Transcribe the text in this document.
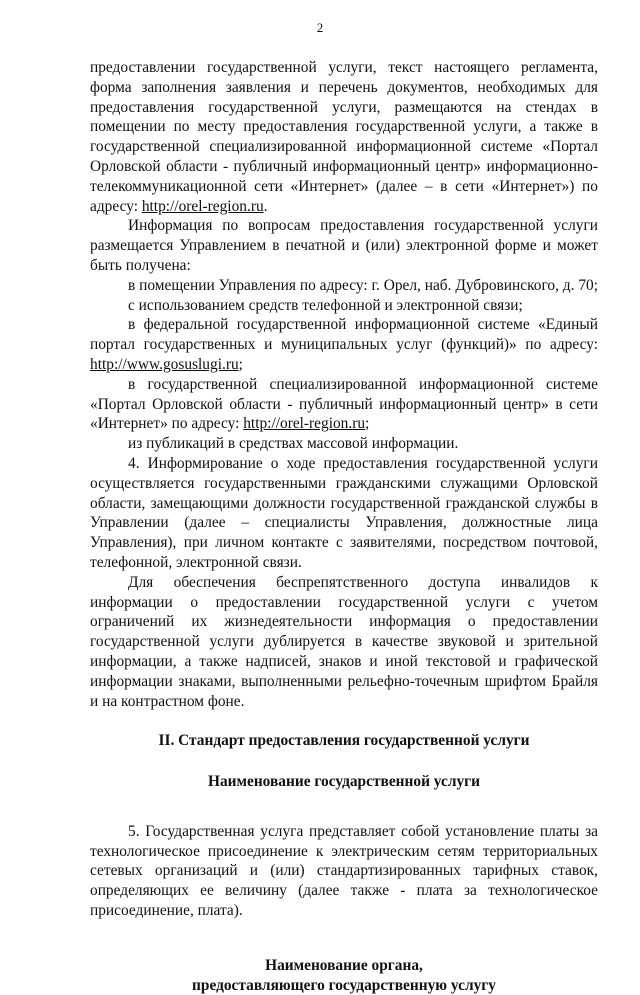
2

предоставлении государственной услуги, текст настоящего регламента, форма заполнения заявления и перечень документов, необходимых для предоставления государственной услуги, размещаются на стендах в помещении по месту предоставления государственной услуги, а также в государственной специализированной информационной системе «Портал Орловской области - публичный информационный центр» информационно-телекоммуникационной сети «Интернет» (далее – в сети «Интернет») по адресу: http://orel-region.ru.

Информация по вопросам предоставления государственной услуги размещается Управлением в печатной и (или) электронной форме и может быть получена:

в помещении Управления по адресу: г. Орел, наб. Дубровинского, д. 70;

с использованием средств телефонной и электронной связи;

в федеральной государственной информационной системе «Единый портал государственных и муниципальных услуг (функций)» по адресу: http://www.gosuslugi.ru;

в государственной специализированной информационной системе «Портал Орловской области - публичный информационный центр» в сети «Интернет» по адресу: http://orel-region.ru;

из публикаций в средствах массовой информации.

4. Информирование о ходе предоставления государственной услуги осуществляется государственными гражданскими служащими Орловской области, замещающими должности государственной гражданской службы в Управлении (далее – специалисты Управления, должностные лица Управления), при личном контакте с заявителями, посредством почтовой, телефонной, электронной связи.

Для обеспечения беспрепятственного доступа инвалидов к информации о предоставлении государственной услуги с учетом ограничений их жизнедеятельности информация о предоставлении государственной услуги дублируется в качестве звуковой и зрительной информации, а также надписей, знаков и иной текстовой и графической информации знаками, выполненными рельефно-точечным шрифтом Брайля и на контрастном фоне.

II. Стандарт предоставления государственной услуги

Наименование государственной услуги

5. Государственная услуга представляет собой установление платы за технологическое присоединение к электрическим сетям территориальных сетевых организаций и (или) стандартизированных тарифных ставок, определяющих ее величину (далее также - плата за технологическое присоединение, плата).

Наименование органа,

предоставляющего государственную услугу
